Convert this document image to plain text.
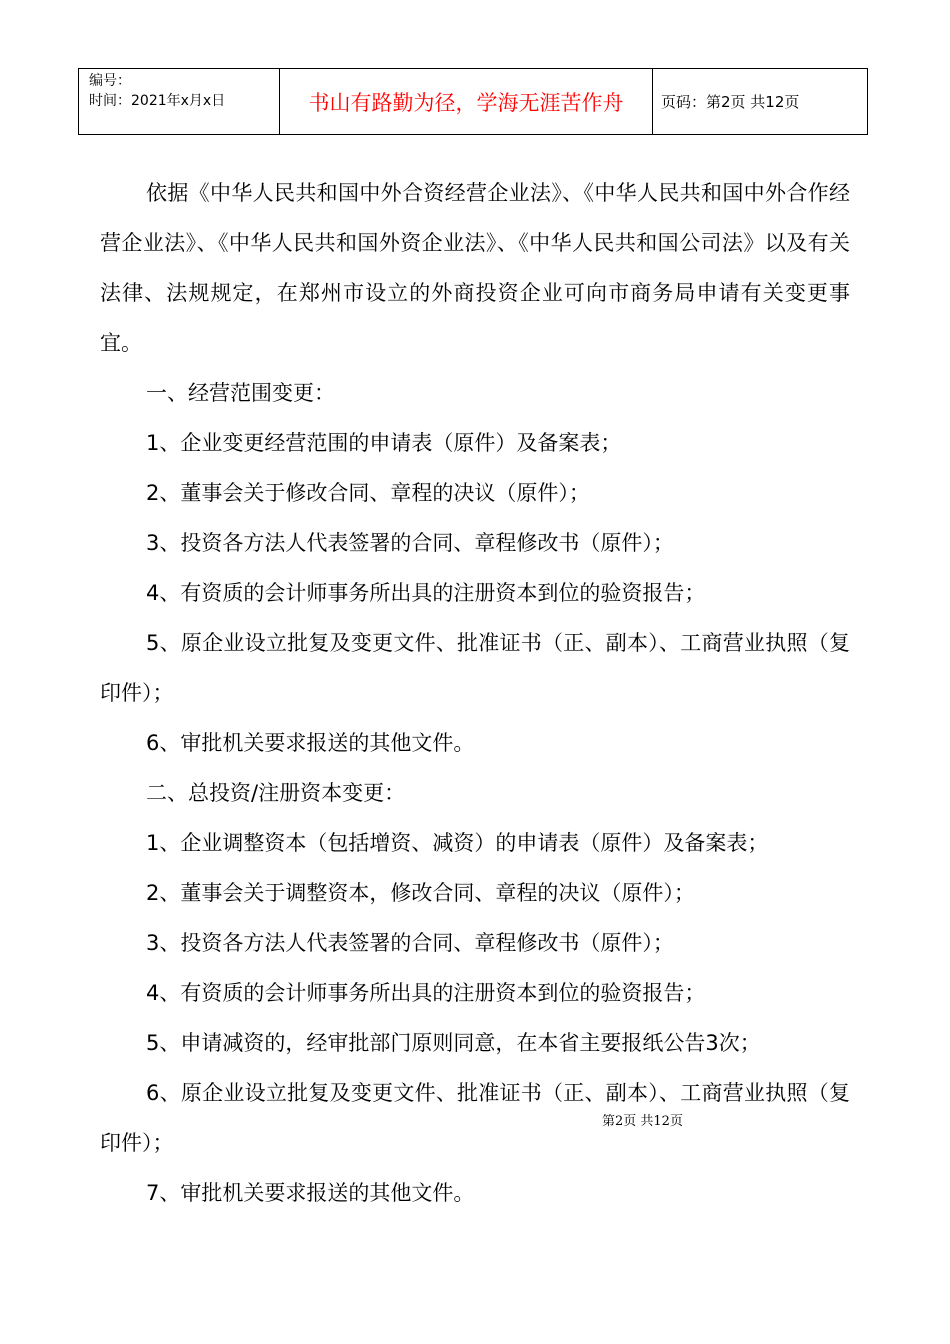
编号：
时间：2021年x月x日	书山有路勤为径，学海无涯苦作舟	页码：第2页 共12页

依据《中华人民共和国中外合资经营企业法》、《中华人民共和国中外合作经营企业法》、《中华人民共和国外资企业法》、《中华人民共和国公司法》以及有关法律、法规规定，在郑州市设立的外商投资企业可向市商务局申请有关变更事宜。

一、经营范围变更：

1、企业变更经营范围的申请表（原件）及备案表；

2、董事会关于修改合同、章程的决议（原件）；

3、投资各方法人代表签署的合同、章程修改书（原件）；

4、有资质的会计师事务所出具的注册资本到位的验资报告；

5、原企业设立批复及变更文件、批准证书（正、副本）、工商营业执照（复印件）；

6、审批机关要求报送的其他文件。

二、总投资/注册资本变更：

1、企业调整资本（包括增资、减资）的申请表（原件）及备案表；

2、董事会关于调整资本，修改合同、章程的决议（原件）；

3、投资各方法人代表签署的合同、章程修改书（原件）；

4、有资质的会计师事务所出具的注册资本到位的验资报告；

5、申请减资的，经审批部门原则同意，在本省主要报纸公告3次；

6、原企业设立批复及变更文件、批准证书（正、副本）、工商营业执照（复印件）；

7、审批机关要求报送的其他文件。

第2页 共12页
